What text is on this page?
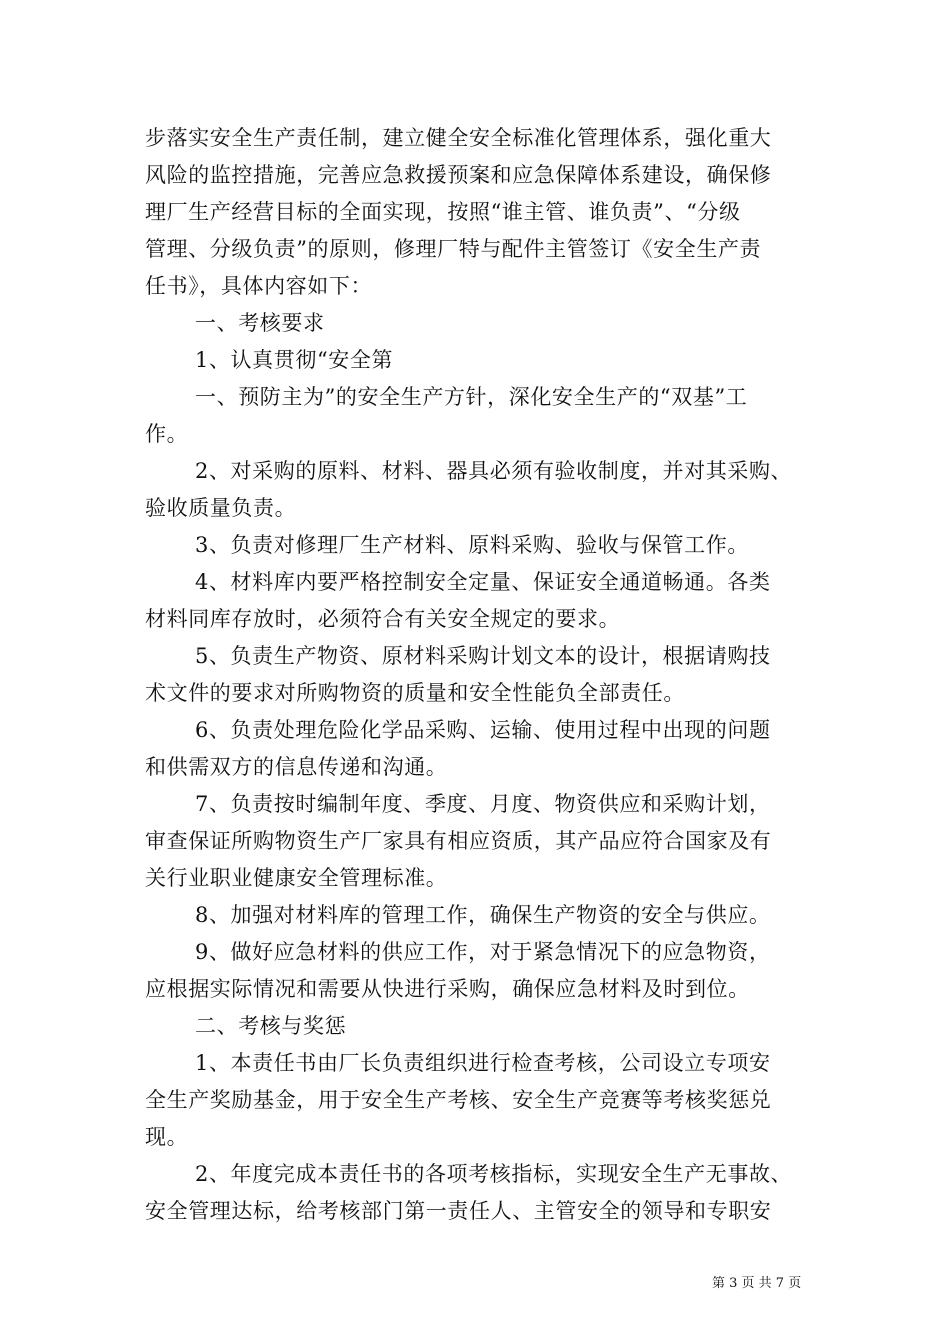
步落实安全生产责任制，建立健全安全标准化管理体系，强化重大
风险的监控措施，完善应急救援预案和应急保障体系建设，确保修
理厂生产经营目标的全面实现，按照“谁主管、谁负责”、“分级
管理、分级负责”的原则，修理厂特与配件主管签订《安全生产责
任书》，具体内容如下：
一、考核要求
1、认真贯彻“安全第
一、预防主为”的安全生产方针，深化安全生产的“双基”工
作。
2、对采购的原料、材料、器具必须有验收制度，并对其采购、
验收质量负责。
3、负责对修理厂生产材料、原料采购、验收与保管工作。
4、材料库内要严格控制安全定量、保证安全通道畅通。各类
材料同库存放时，必须符合有关安全规定的要求。
5、负责生产物资、原材料采购计划文本的设计，根据请购技
术文件的要求对所购物资的质量和安全性能负全部责任。
6、负责处理危险化学品采购、运输、使用过程中出现的问题
和供需双方的信息传递和沟通。
7、负责按时编制年度、季度、月度、物资供应和采购计划，
审查保证所购物资生产厂家具有相应资质，其产品应符合国家及有
关行业职业健康安全管理标准。
8、加强对材料库的管理工作，确保生产物资的安全与供应。
9、做好应急材料的供应工作，对于紧急情况下的应急物资，
应根据实际情况和需要从快进行采购，确保应急材料及时到位。
二、考核与奖惩
1、本责任书由厂长负责组织进行检查考核，公司设立专项安
全生产奖励基金，用于安全生产考核、安全生产竞赛等考核奖惩兑
现。
2、年度完成本责任书的各项考核指标，实现安全生产无事故、
安全管理达标，给考核部门第一责任人、主管安全的领导和专职安
第 3 页 共 7 页
